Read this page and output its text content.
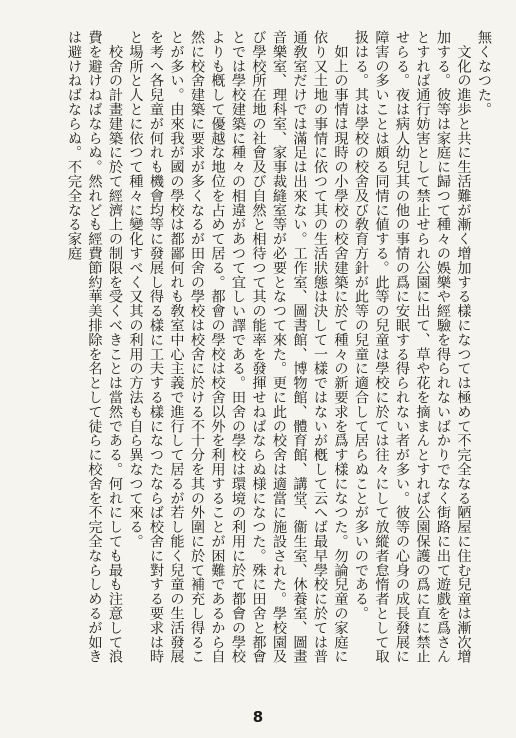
無くなつた。

　文化の進歩と共に生活難が漸く增加する樣になつては極めて不完全なる陋屋に住む兒童は漸次增加する。彼等は家庭に歸つて種々の娛樂や經驗を得られないばかりでなく街路に出て遊戲を爲さんとすれば通行妨害として禁止せられ公園に出て、草や花を摘まんとすれば公園保護の爲に直に禁止せらる。夜は病人幼兒其の他の事情の爲に安眠する得られない者が多い。彼等の心身の成長發展に障害の多いことは頗る同情に値する。此等の兒童は學校に於ては往々にして放縱者怠惰者として取扱はる。其は學校の校舍及び敎育方針が此等の兒童に適合して居らぬことが多いのである。

　如上の事情は現時の小學校の校舍建築に於て種々の新要求を爲す樣になつた。勿論兒童の家庭に依り又土地の事情に依つて其の生活狀態は決して一樣ではないが槪して云へば最早學校に於ては普通敎室だけでは滿足は出來ない。工作室、圖書館、博物館、體育館、講堂、衞生室、休養室、圖畫音樂室、理科室、家事裁縫室等が必要となつて來た。更に此の校舍は適當に施設された。學校園及び學校所在地の社會及び自然と相待つて其の能率を發揮せねばならぬ様になつた。殊に田舍と都會とでは學校建築に種々の相違があつて宜しい譯である。田舍の學校は環境の利用に於て都會の學校よりも槪して優越な地位を占めて居る。都會の學校は校舍以外を利用することが困難であるから自然に校舍建築に要求が多くなるが田舍の學校は校舍に於ける不十分を其の外圍に於て補充し得ることが多い。由來我が國の學校は都鄙何れも敎室中心主義で進行して居るが若し能く兒童の生活發展を考へ各兒童が何れも機會均等に發展し得る樣に工夫する樣になつたならば校舍に對する要求は時と場所と人とに依つて種々に變化すべく又其の利用の方法も自ら異なつて來る。

　校舍の計畫建築に於て經濟上の制限を受くべきことは當然である。何れにしても最も注意して浪費を避けねばならぬ。然れども經費節約華美排除を名として徒らに校舍を不完全ならしめるが如きは避けねばならぬ。不完全なる家庭

8
